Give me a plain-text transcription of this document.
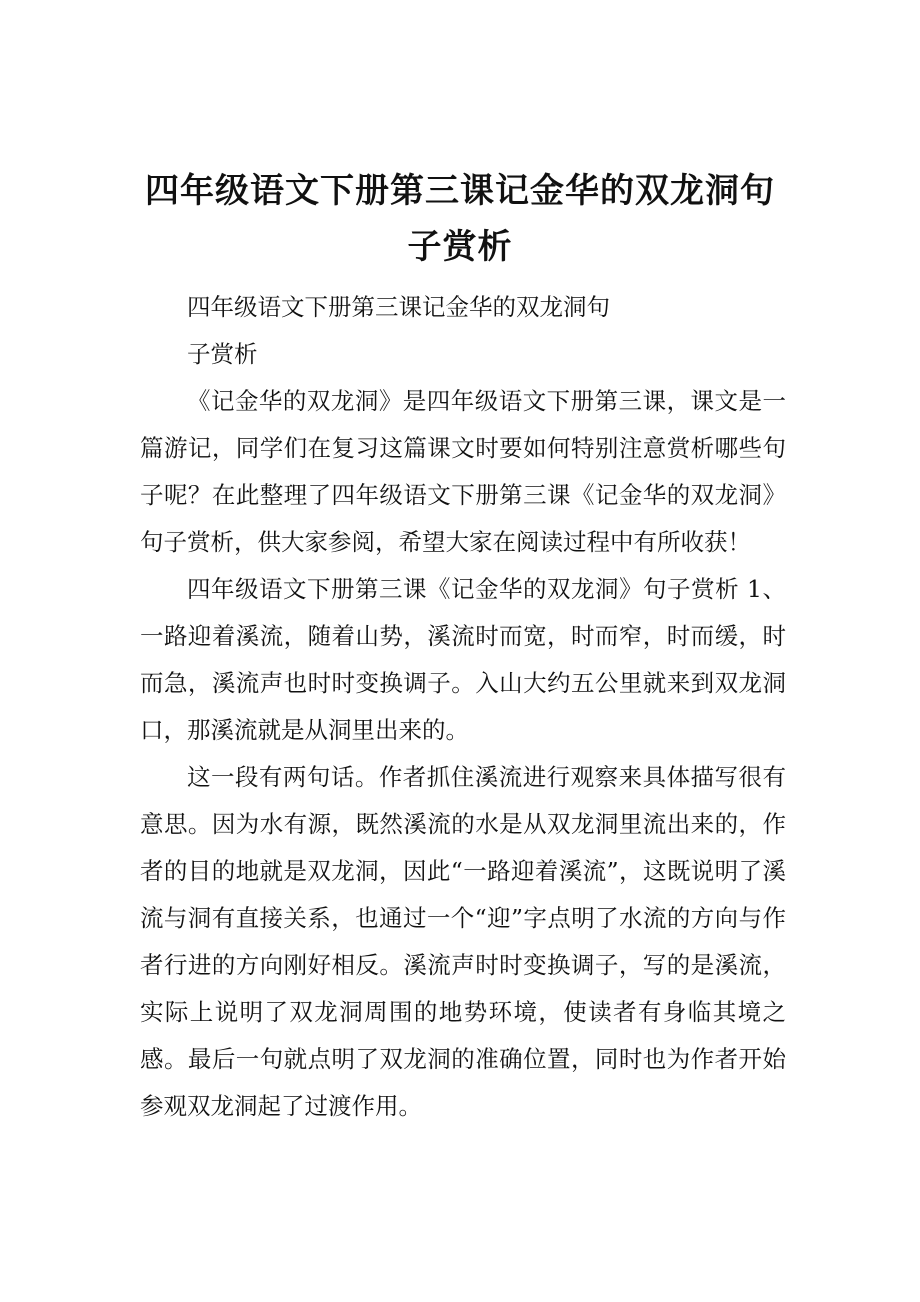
四年级语文下册第三课记金华的双龙洞句
子赏析

四年级语文下册第三课记金华的双龙洞句
子赏析

《记金华的双龙洞》是四年级语文下册第三课，课文是一篇游记，同学们在复习这篇课文时要如何特别注意赏析哪些句子呢？在此整理了四年级语文下册第三课《记金华的双龙洞》句子赏析，供大家参阅，希望大家在阅读过程中有所收获！

四年级语文下册第三课《记金华的双龙洞》句子赏析 1、一路迎着溪流，随着山势，溪流时而宽，时而窄，时而缓，时而急，溪流声也时时变换调子。入山大约五公里就来到双龙洞口，那溪流就是从洞里出来的。

这一段有两句话。作者抓住溪流进行观察来具体描写很有意思。因为水有源，既然溪流的水是从双龙洞里流出来的，作者的目的地就是双龙洞，因此“一路迎着溪流”，这既说明了溪流与洞有直接关系，也通过一个“迎”字点明了水流的方向与作者行进的方向刚好相反。溪流声时时变换调子，写的是溪流，实际上说明了双龙洞周围的地势环境，使读者有身临其境之感。最后一句就点明了双龙洞的准确位置，同时也为作者开始参观双龙洞起了过渡作用。
